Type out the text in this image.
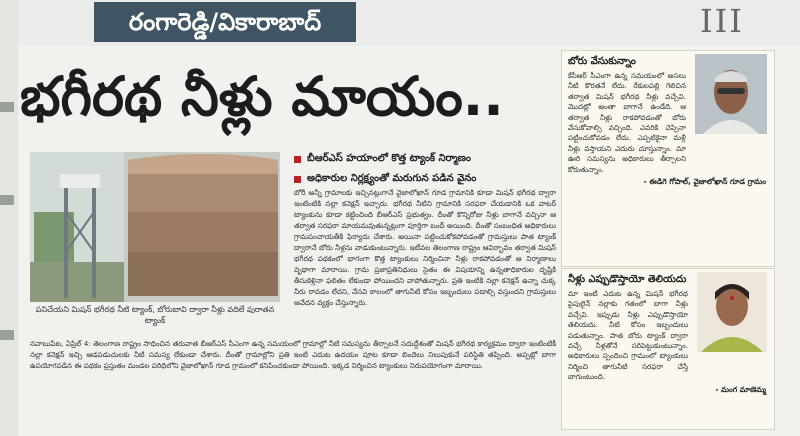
రంగారెడ్డి/వికారాబాద్	III
భగీరథ నీళ్లు మాయం..
పనిచేయని మిషన్ భగీరథ నీటి ట్యాంక్, బోరుబావి ద్వారా నీళ్లు వదిలే పురాతన ట్యాంక్
బీఆర్ఎస్ హయాంలో కొత్త ట్యాంక్ నిర్మాణం
అధికారుల నిర్లక్ష్యంతో మరుగున పడిన వైనం
బోరీ అన్నీ గ్రామాలకు ఇచ్చినట్లుగానే వైజాలోఖాన్ గూడ గ్రామానికి కూడా మిషన్ భగీరథ ద్వారా ఇంటింటికి నల్లా కనెక్షన్ ఇచ్చారు. భగీరథ నీటిని గ్రామానికి సరఫరా చేయడానికి ఒక వాటర్ ట్యాంకును కూడా కట్టించింది బీఆర్ఎస్ ప్రభుత్వం. దీంతో కొన్నిరోజు నీళ్లు బాగానే వచ్చినా ఆ తర్వాత సరఫరా మాయమవుతున్నట్లుగా పూర్తిగా బంద్ అయింది. దీంతో సంబంధిత అధికారులు గ్రామపంచాయతీకి ఫిర్యాదు చేశారు. అయినా పట్టించుకోకపోవడంతో గ్రామస్తులు పాత ట్యాంక్ ద్వారానే బోరు నీళ్లను వాడుకుంటున్నారు. ఇటీవల తెలంగాణ రాష్ట్రం ఆవిర్భావం తర్వాత మిషన్ భగీరథ పథకంలో భాగంగా కొత్త ట్యాంకులు నిర్మించినా నీళ్లు రాకపోవడంతో ఆ నిర్మాణాలు వృథాగా మారాయి. గ్రామ ప్రజాప్రతినిధులు సైతం ఈ విషయాన్ని ఉన్నతాధికారుల దృష్టికి తీసుకెళ్లినా ఫలితం లేకుండా పోయిందని వాపోతున్నారు. ప్రతి ఇంటికి నల్లా కనెక్షన్ ఉన్నా చుక్క నీరు రావడం లేదని, వేసవి కాలంలో తాగునీటి కోసం ఇబ్బందులు పడాల్సి వస్తుందని గ్రామస్తులు ఆవేదన వ్యక్తం చేస్తున్నారు.
నవాబుపేట, ఏప్రిల్ 4: తెలంగాణ రాష్ట్రం సాధించిన తరువాత బీఆర్ఎస్ సీఎంగా ఉన్న సమయంలో గ్రామాల్లో నీటి సమస్యను తీర్చాలనే సదుద్దేశంతో మిషన్ భగీరథ కార్యక్రమం ద్వారా ఇంటింటికీ నల్లా కనెక్షన్ ఇచ్చి ఆడపడుచులకు నీటి సమస్య లేకుండా చేశారు. దీంతో గ్రామాల్లోని ప్రతి ఇంటి ఎదుట ఉదయం పూట కూడా బిందెలు నిలుపుకునే పరిస్థితి తప్పింది. అప్పట్లో బాగా ఉపయోగపడిన ఈ పథకం ప్రస్తుతం మండల పరిధిలోని వైజాలోఖాన్ గూడ గ్రామంలో కనిపించకుండా పోయింది. ఇక్కడ నిర్మించిన ట్యాంకులు నిరుపయోగంగా మారాయి.
బోరు వేసుకున్నాం
కేసీఆర్ సీఎంగా ఉన్న సమయంలో అసలు నీటి కొరతనే లేదు. రేకులపల్లి గెలిచిన తర్వాత మిషన్ భగీరథ నీళ్లు వచ్చేవి. మొదట్లో అంతా బాగానే ఉండేది. ఆ తర్వాత నీళ్లు రాకపోవడంతో బోరు వేసుకోవాల్సి వచ్చింది. ఎవరికి చెప్పినా పట్టించుకోవడం లేదు. ఎప్పటికైనా మళ్లీ నీళ్లు వస్తాయని ఎదురు చూస్తున్నాం. మా ఊరి సమస్యను అధికారులు తీర్చాలని కోరుతున్నాం.
- ఈడిగె గోపాల్, వైజాలోఖాన్ గూడ గ్రామం
నీళ్లు ఎప్పుడొస్తాయో తెలియదు
మా ఇంటి ఎదుట ఉన్న మిషన్ భగీరథ పైపులైన్ నల్లాకు గతంలో బాగా నీళ్లు వచ్చేవి. ఇప్పుడు నీళ్లు ఎప్పుడొస్తాయో తెలియదు. నీటి కోసం ఇబ్బందులు పడుతున్నాం. పాత బోరు ట్యాంక్ ద్వారా వచ్చే నీళ్లతోనే సరిపెట్టుకుంటున్నాం. అధికారులు స్పందించి గ్రామంలో ట్యాంకులు నిర్మించి తాగునీటి సరఫరా చేస్తే బాగుంటుంది.
- మంగ మాణెమ్మ
